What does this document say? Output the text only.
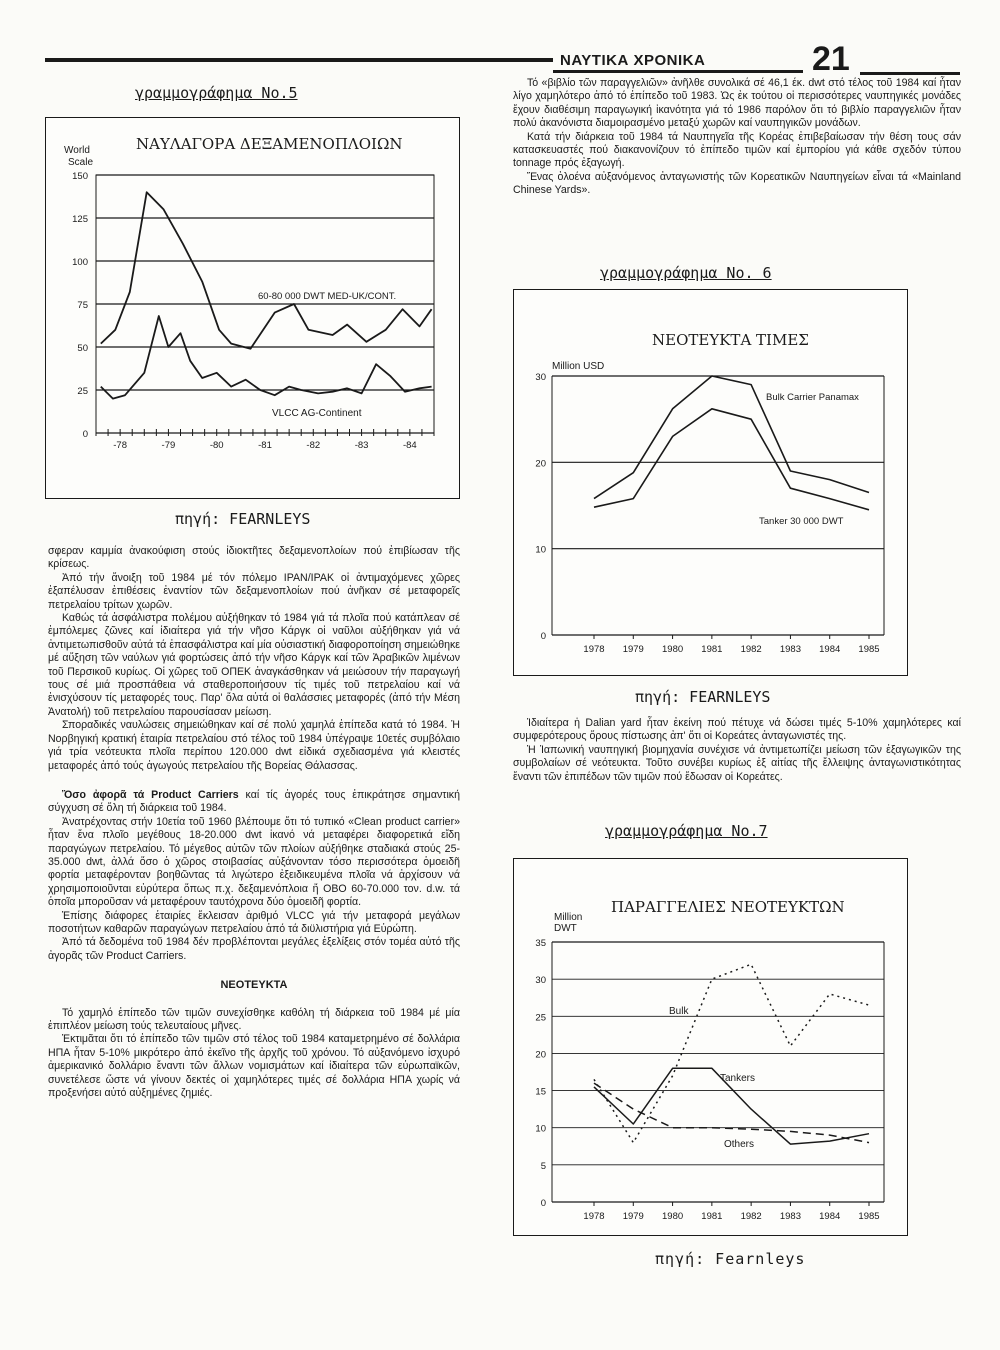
ΝΑΥΤΙΚΑ ΧΡΟΝΙΚΑ	21
γραμμογράφημα Νο.5
ΝΑΥΛΑΓΟΡΑ ΔΕΞΑΜΕΝΟΠΛΟΙΩΝ
World
Scale
0
25
50
75
100
125
150
-78	-79	-80	-81	-82	-83	-84
60-80 000 DWT MED-UK/CONT.
VLCC AG-Continent
πηγή: FEARNLEYS

σφεραν καμμία ἀνακούφιση στούς ἰδιοκτῆτες δεξαμενοπλοίων πού ἐπιβίωσαν τῆς κρίσεως.

Ἀπό τήν ἄνοιξη τοῦ 1984 μέ τόν πόλεμο IPAN/IPAK οἱ ἀντιμαχόμενες χῶρες ἐξαπέλυσαν ἐπιθέσεις ἐναντίον τῶν δεξαμενοπλοίων πού ἀνῆκαν σέ μεταφορεῖς πετρελαίου τρίτων χωρῶν.

Καθώς τά ἀσφάλιστρα πολέμου αὐξήθηκαν τό 1984 γιά τά πλοῖα πού κατάπλεαν σέ ἐμπόλεμες ζῶνες καί ἰδιαίτερα γιά τήν νῆσο Κάργκ οἱ ναῦλοι αὐξήθηκαν γιά νά ἀντιμετωπισθοῦν αὐτά τά ἐπασφάλιστρα καί μία οὐσιαστική διαφοροποίηση σημειώθηκε μέ αὔξηση τῶν ναύλων γιά φορτώσεις ἀπό τήν νῆσο Κάργκ καί τῶν Ἀραβικῶν λιμένων τοῦ Περσικοῦ κυρίως. Οἱ χῶρες τοῦ ΟΠΕΚ ἀναγκάσθηκαν νά μειώσουν τήν παραγωγή τους σέ μιά προσπάθεια νά σταθεροποιήσουν τίς τιμές τοῦ πετρελαίου καί νά ἐνισχύσουν τίς μεταφορές τους. Παρ' ὅλα αὐτά οἱ θαλάσσιες μεταφορές (ἀπό τήν Μέση Ἀνατολή) τοῦ πετρελαίου παρουσίασαν μείωση.

Σποραδικές ναυλώσεις σημειώθηκαν καί σέ πολύ χαμηλά ἐπίπεδα κατά τό 1984. Ἡ Νορβηγική κρατική ἑταιρία πετρελαίου στό τέλος τοῦ 1984 ὑπέγραψε 10ετές συμβόλαιο γιά τρία νεότευκτα πλοῖα περίπου 120.000 dwt εἰδικά σχεδιασμένα γιά κλειστές μεταφορές ἀπό τούς ἀγωγούς πετρελαίου τῆς Βορείας Θάλασσας.

Ὅσο ἀφορᾶ τά Product Carriers καί τίς ἀγορές τους ἐπικράτησε σημαντική σύγχυση σέ ὅλη τή διάρκεια τοῦ 1984.

Ἀνατρέχοντας στήν 10ετία τοῦ 1960 βλέπουμε ὅτι τό τυπικό «Clean product carrier» ἦταν ἕνα πλοῖο μεγέθους 18-20.000 dwt ἱκανό νά μεταφέρει διαφορετικά εἴδη παραγώγων πετρελαίου. Τό μέγεθος αὐτῶν τῶν πλοίων αὐξήθηκε σταδιακά στούς 25-35.000 dwt, ἀλλά ὅσο ὁ χῶρος στοιβασίας αὐξάνονταν τόσο περισσότερα ὁμοειδῆ φορτία μεταφέρονταν βοηθῶντας τά λιγώτερο ἐξειδικευμένα πλοῖα νά ἀρχίσουν νά χρησιμοποιοῦνται εὐρύτερα ὅπως π.χ. δεξαμενόπλοια ἤ OBO 60-70.000 τον. d.w. τά ὁποῖα μποροῦσαν νά μεταφέρουν ταυτόχρονα δύο ὁμοειδῆ φορτία.

Ἐπίσης διάφορες ἑταιρίες ἔκλεισαν ἀριθμό VLCC γιά τήν μεταφορά μεγάλων ποσοτήτων καθαρῶν παραγώγων πετρελαίου ἀπό τά διϋλιστήρια γιά Εὐρώπη.

Ἀπό τά δεδομένα τοῦ 1984 δέν προβλέπονται μεγάλες ἐξελίξεις στόν τομέα αὐτό τῆς ἀγορᾶς τῶν Product Carriers.

ΝΕΟΤΕΥΚΤΑ

Τό χαμηλό ἐπίπεδο τῶν τιμῶν συνεχίσθηκε καθόλη τή διάρκεια τοῦ 1984 μέ μία ἐπιπλέον μείωση τούς τελευταίους μῆνες.

Ἐκτιμᾶται ὅτι τό ἐπίπεδο τῶν τιμῶν στό τέλος τοῦ 1984 καταμετρημένο σέ δολλάρια ΗΠΑ ἦταν 5-10% μικρότερο ἀπό ἐκεῖνο τῆς ἀρχῆς τοῦ χρόνου. Τό αὐξανόμενο ἰσχυρό ἀμερικανικό δολλάριο ἔναντι τῶν ἄλλων νομισμάτων καί ἰδιαίτερα τῶν εὐρωπαϊκῶν, συνετέλεσε ὥστε νά γίνουν δεκτές οἱ χαμηλότερες τιμές σέ δολλάρια ΗΠΑ χωρίς νά προξενήσει αὐτό αὐξημένες ζημιές.

Τό «βιβλίο τῶν παραγγελιῶν» ἀνῆλθε συνολικά σέ 46,1 έκ. dwt στό τέλος τοῦ 1984 καί ἦταν λίγο χαμηλότερο ἀπό τό ἐπίπεδο τοῦ 1983. Ὡς ἐκ τούτου οἱ περισσότερες ναυπηγικές μονάδες ἔχουν διαθέσιμη παραγωγική ἱκανότητα γιά τό 1986 παρόλον ὅτι τό βιβλίο παραγγελιῶν ἦταν πολύ ἀκανόνιστα διαμοιρασμένο μεταξύ χωρῶν καί ναυπηγικῶν μονάδων.

Κατά τήν διάρκεια τοῦ 1984 τά Ναυπηγεῖα τῆς Κορέας ἐπιβεβαίωσαν τήν θέση τους σάν κατασκευαστές πού διακανονίζουν τό ἐπίπεδο τιμῶν καί ἐμπορίου γιά κάθε σχεδόν τύπου tonnage πρός ἐξαγωγή.

Ἕνας ὁλοένα αὐξανόμενος ἀνταγωνιστής τῶν Κορεατικῶν Ναυπηγείων εἶναι τά «Mainland Chinese Yards».

γραμμογράφημα Νο. 6
ΝΕΟΤΕΥΚΤΑ ΤΙΜΕΣ
Million USD
0
10
20
30
1978 1979 1980 1981 1982 1983 1984 1985
Bulk Carrier Panamax
Tanker 30 000 DWT
πηγή: FEARNLEYS

Ἰδιαίτερα ἡ Dalian yard ἦταν ἐκείνη πού πέτυχε νά δώσει τιμές 5-10% χαμηλότερες καί συμφερότερους ὅρους πίστωσης ἀπ' ὅτι οἱ Κορεάτες ἀνταγωνιστές της.

Ἡ Ἰαπωνική ναυπηγική βιομηχανία συνέχισε νά ἀντιμετωπίζει μείωση τῶν ἐξαγωγικῶν της συμβολαίων σέ νεότευκτα. Τοῦτο συνέβει κυρίως ἐξ αἰτίας τῆς ἔλλειψης ἀνταγωνιστικότητας ἔναντι τῶν ἐπιπέδων τῶν τιμῶν πού ἔδωσαν οἱ Κορεάτες.

γραμμογράφημα Νο.7
ΠΑΡΑΓΓΕΛΙΕΣ ΝΕΟΤΕΥΚΤΩΝ
Million
DWT
0
5
10
15
20
25
30
35
1978 1979 1980 1981 1982 1983 1984 1985
Bulk
Tankers
Others
πηγή: Fearnleys
